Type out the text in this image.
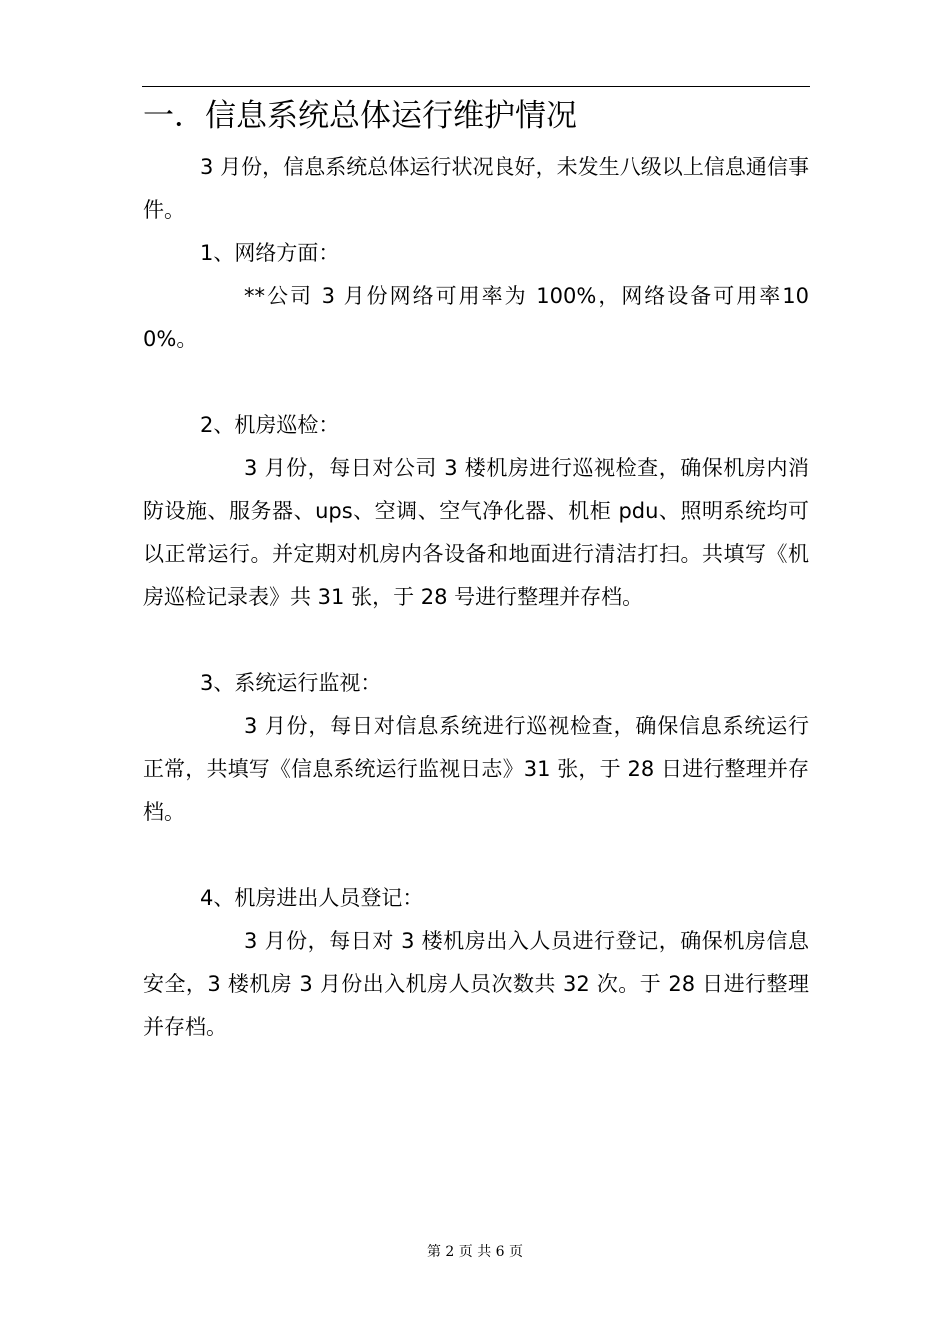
一．信息系统总体运行维护情况

3 月份，信息系统总体运行状况良好，未发生八级以上信息通信事件。

1、网络方面：

**公司 3 月份网络可用率为 100%，网络设备可用率100%。

2、机房巡检：

3 月份，每日对公司 3 楼机房进行巡视检查，确保机房内消防设施、服务器、ups、空调、空气净化器、机柜 pdu、照明系统均可以正常运行。并定期对机房内各设备和地面进行清洁打扫。共填写《机房巡检记录表》共 31 张，于 28 号进行整理并存档。

3、系统运行监视：

3 月份，每日对信息系统进行巡视检查，确保信息系统运行正常，共填写《信息系统运行监视日志》31 张，于 28 日进行整理并存档。

4、机房进出人员登记：

3 月份，每日对 3 楼机房出入人员进行登记，确保机房信息安全，3 楼机房 3 月份出入机房人员次数共 32 次。于 28 日进行整理并存档。

第 2 页 共 6 页
